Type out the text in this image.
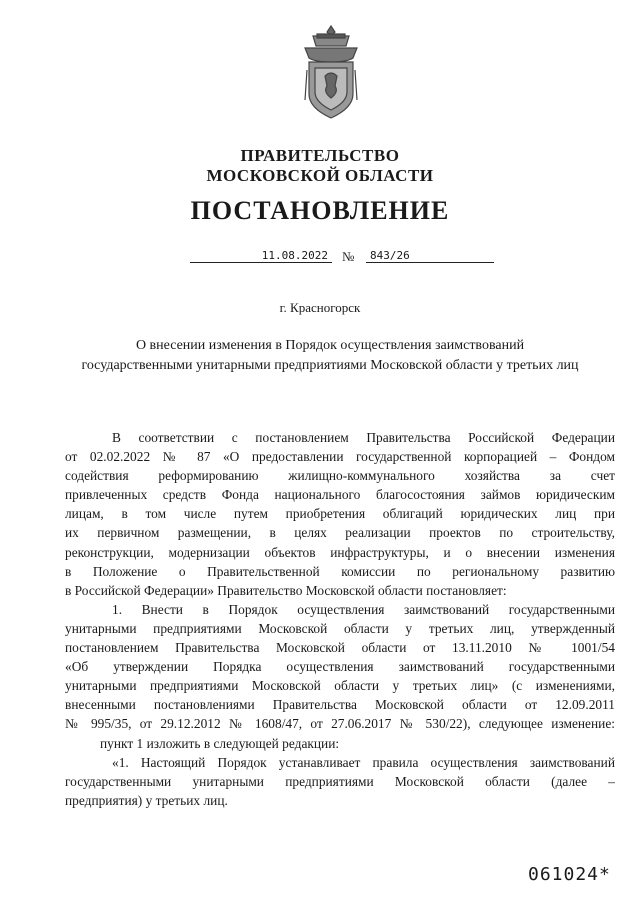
ПРАВИТЕЛЬСТВО
МОСКОВСКОЙ ОБЛАСТИ
ПОСТАНОВЛЕНИЕ
11.08.2022	№	843/26
г. Красногорск
О внесении изменения в Порядок осуществления заимствований
государственными унитарными предприятиями Московской области у третьих лиц

В соответствии с постановлением Правительства Российской Федерации

от 02.02.2022 № 87 «О предоставлении государственной корпорацией – Фондом

содействия реформированию жилищно-коммунального хозяйства за счет

привлеченных средств Фонда национального благосостояния займов юридическим

лицам, в том числе путем приобретения облигаций юридических лиц при

их первичном размещении, в целях реализации проектов по строительству,

реконструкции, модернизации объектов инфраструктуры, и о внесении изменения

в Положение о Правительственной комиссии по региональному развитию

в Российской Федерации» Правительство Московской области постановляет:

1. Внести в Порядок осуществления заимствований государственными

унитарными предприятиями Московской области у третьих лиц, утвержденный

постановлением Правительства Московской области от 13.11.2010 № 1001/54

«Об утверждении Порядка осуществления заимствований государственными

унитарными предприятиями Московской области у третьих лиц» (с изменениями,

внесенными постановлениями Правительства Московской области от 12.09.2011

№ 995/35, от 29.12.2012 № 1608/47, от 27.06.2017 № 530/22), следующее изменение:

пункт 1 изложить в следующей редакции:

«1. Настоящий Порядок устанавливает правила осуществления заимствований

государственными унитарными предприятиями Московской области (далее –

предприятия) у третьих лиц.

061024*
